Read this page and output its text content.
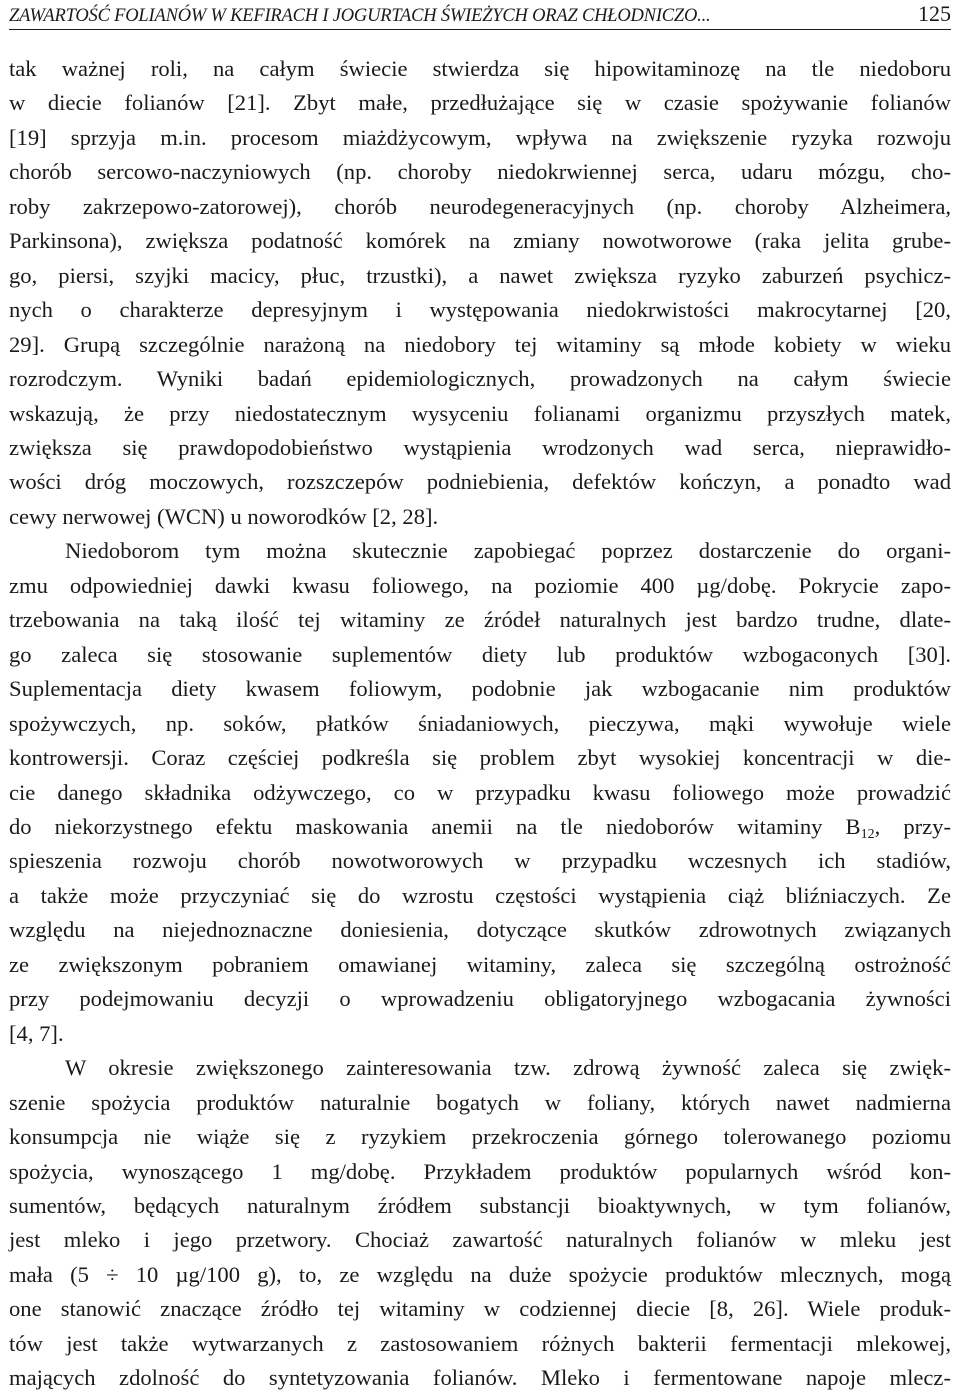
ZAWARTOŚĆ FOLIANÓW W KEFIRACH I JOGURTACH ŚWIEŻYCH ORAZ CHŁODNICZO...	125

tak ważnej roli, na całym świecie stwierdza się hipowitaminozę na tle niedoboru

w diecie folianów [21]. Zbyt małe, przedłużające się w czasie spożywanie folianów

[19] sprzyja m.in. procesom miażdżycowym, wpływa na zwiększenie ryzyka rozwoju

chorób sercowo-naczyniowych (np. choroby niedokrwiennej serca, udaru mózgu, cho-

roby zakrzepowo-zatorowej), chorób neurodegeneracyjnych (np. choroby Alzheimera,

Parkinsona), zwiększa podatność komórek na zmiany nowotworowe (raka jelita grube-

go, piersi, szyjki macicy, płuc, trzustki), a nawet zwiększa ryzyko zaburzeń psychicz-

nych o charakterze depresyjnym i występowania niedokrwistości makrocytarnej [20,

29]. Grupą szczególnie narażoną na niedobory tej witaminy są młode kobiety w wieku

rozrodczym. Wyniki badań epidemiologicznych, prowadzonych na całym świecie

wskazują, że przy niedostatecznym wysyceniu folianami organizmu przyszłych matek,

zwiększa się prawdopodobieństwo wystąpienia wrodzonych wad serca, nieprawidło-

wości dróg moczowych, rozszczepów podniebienia, defektów kończyn, a ponadto wad

cewy nerwowej (WCN) u noworodków [2, 28].

Niedoborom tym można skutecznie zapobiegać poprzez dostarczenie do organi-

zmu odpowiedniej dawki kwasu foliowego, na poziomie 400 µg/dobę. Pokrycie zapo-

trzebowania na taką ilość tej witaminy ze źródeł naturalnych jest bardzo trudne, dlate-

go zaleca się stosowanie suplementów diety lub produktów wzbogaconych [30].

Suplementacja diety kwasem foliowym, podobnie jak wzbogacanie nim produktów

spożywczych, np. soków, płatków śniadaniowych, pieczywa, mąki wywołuje wiele

kontrowersji. Coraz częściej podkreśla się problem zbyt wysokiej koncentracji w die-

cie danego składnika odżywczego, co w przypadku kwasu foliowego może prowadzić

do niekorzystnego efektu maskowania anemii na tle niedoborów witaminy $B_{12}$, przy-

spieszenia rozwoju chorób nowotworowych w przypadku wczesnych ich stadiów,

a także może przyczyniać się do wzrostu częstości wystąpienia ciąż bliźniaczych. Ze

względu na niejednoznaczne doniesienia, dotyczące skutków zdrowotnych związanych

ze zwiększonym pobraniem omawianej witaminy, zaleca się szczególną ostrożność

przy podejmowaniu decyzji o wprowadzeniu obligatoryjnego wzbogacania żywności

[4, 7].

W okresie zwiększonego zainteresowania tzw. zdrową żywność zaleca się zwięk-

szenie spożycia produktów naturalnie bogatych w foliany, których nawet nadmierna

konsumpcja nie wiąże się z ryzykiem przekroczenia górnego tolerowanego poziomu

spożycia, wynoszącego 1 mg/dobę. Przykładem produktów popularnych wśród kon-

sumentów, będących naturalnym źródłem substancji bioaktywnych, w tym folianów,

jest mleko i jego przetwory. Chociaż zawartość naturalnych folianów w mleku jest

mała (5 ÷ 10 µg/100 g), to, ze względu na duże spożycie produktów mlecznych, mogą

one stanowić znaczące źródło tej witaminy w codziennej diecie [8, 26]. Wiele produk-

tów jest także wytwarzanych z zastosowaniem różnych bakterii fermentacji mlekowej,

mających zdolność do syntetyzowania folianów. Mleko i fermentowane napoje mlecz-
